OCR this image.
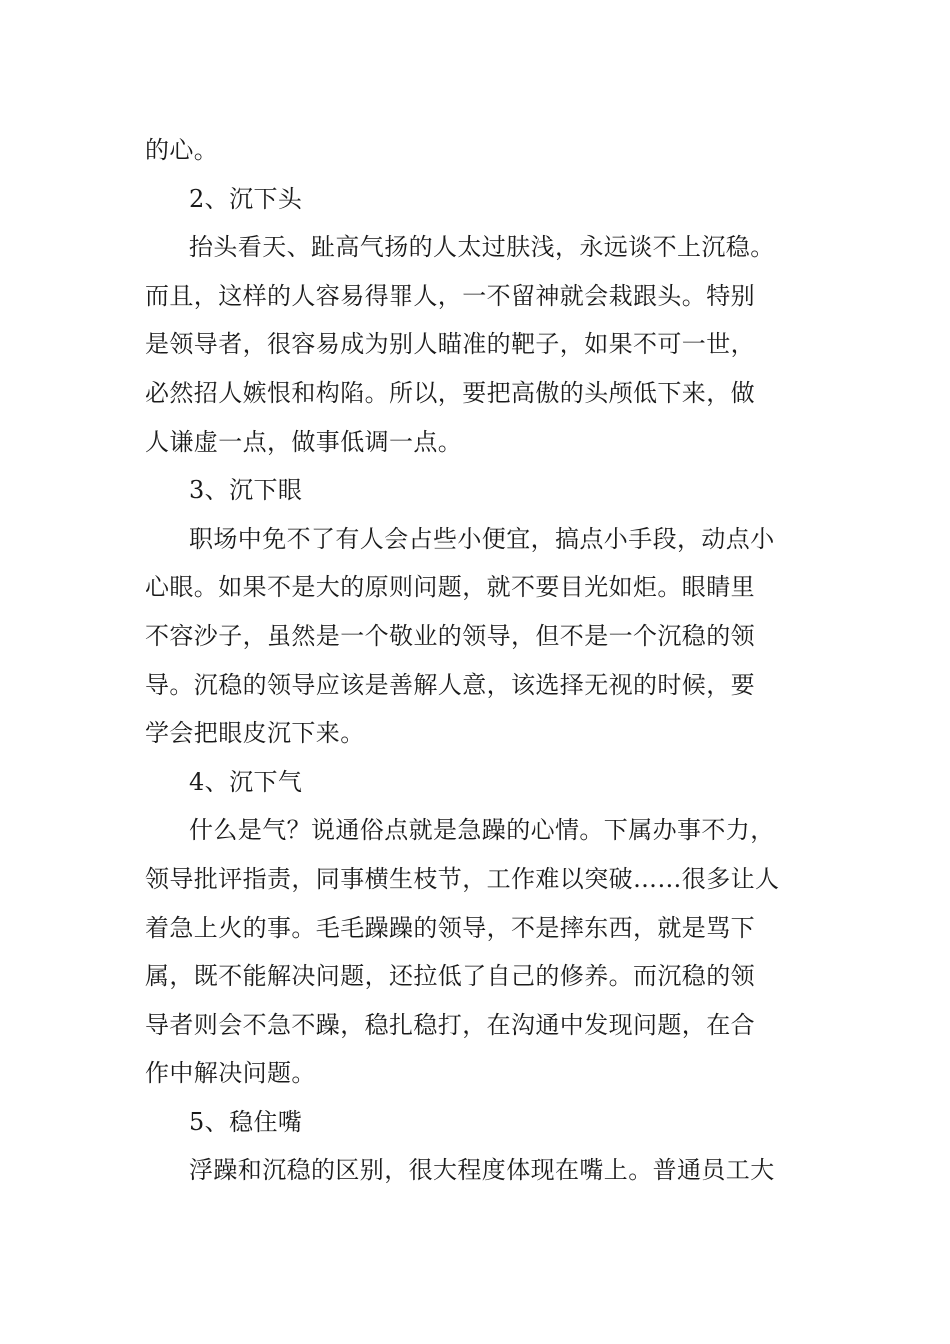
的心。
2、沉下头
抬头看天、趾高气扬的人太过肤浅，永远谈不上沉稳。
而且，这样的人容易得罪人，一不留神就会栽跟头。特别
是领导者，很容易成为别人瞄准的靶子，如果不可一世，
必然招人嫉恨和构陷。所以，要把高傲的头颅低下来，做
人谦虚一点，做事低调一点。
3、沉下眼
职场中免不了有人会占些小便宜，搞点小手段，动点小
心眼。如果不是大的原则问题，就不要目光如炬。眼睛里
不容沙子，虽然是一个敬业的领导，但不是一个沉稳的领
导。沉稳的领导应该是善解人意，该选择无视的时候，要
学会把眼皮沉下来。
4、沉下气
什么是气？说通俗点就是急躁的心情。下属办事不力，
领导批评指责，同事横生枝节，工作难以突破……很多让人
着急上火的事。毛毛躁躁的领导，不是摔东西，就是骂下
属，既不能解决问题，还拉低了自己的修养。而沉稳的领
导者则会不急不躁，稳扎稳打，在沟通中发现问题，在合
作中解决问题。
5、稳住嘴
浮躁和沉稳的区别，很大程度体现在嘴上。普通员工大
